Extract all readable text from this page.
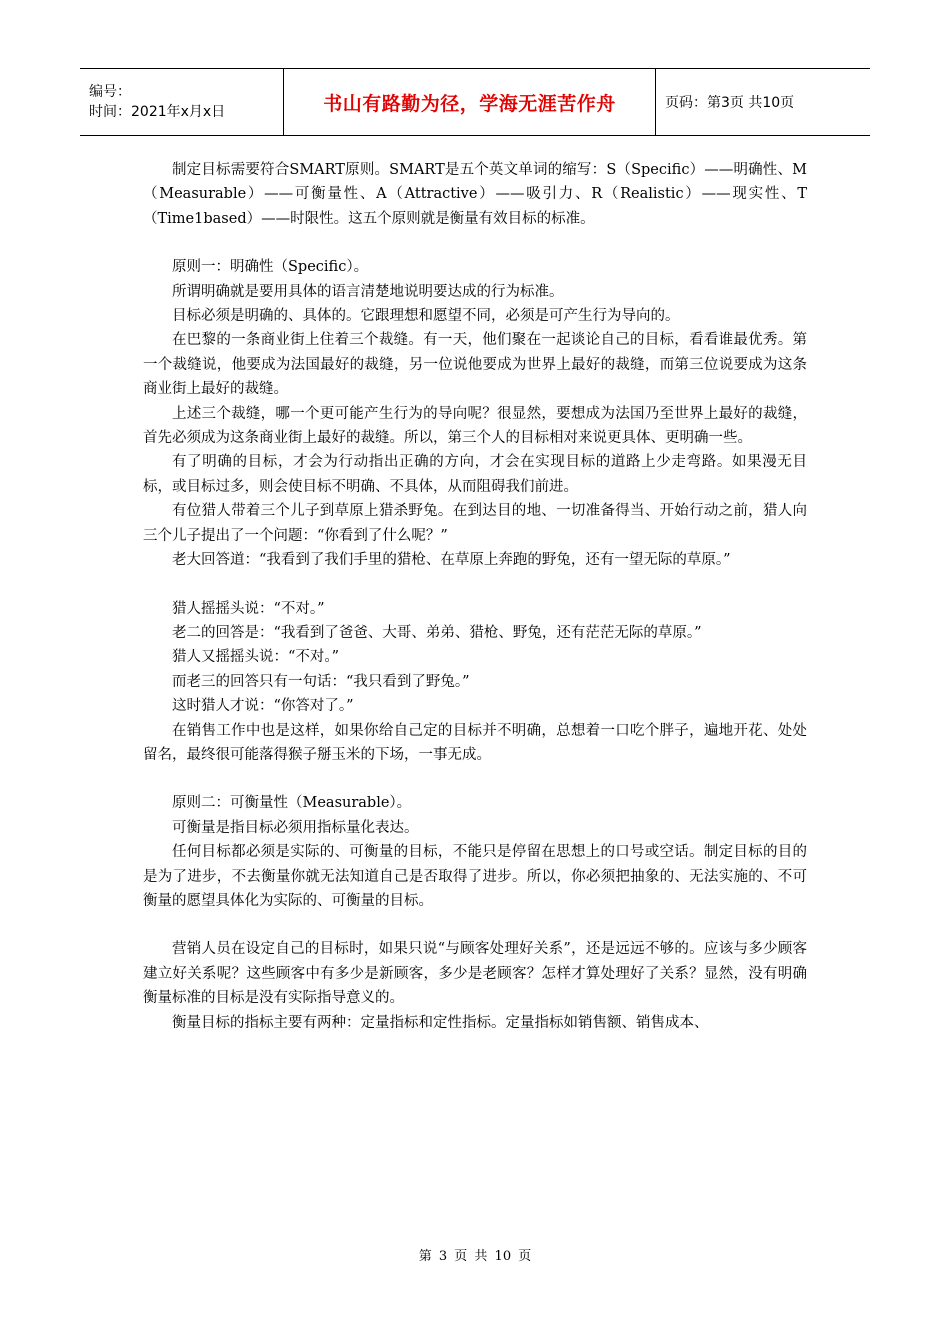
编号：
时间：2021年x月x日	书山有路勤为径，学海无涯苦作舟	页码：第3页 共10页

制定目标需要符合SMART原则。SMART是五个英文单词的缩写：S（Specific）——明确性、M（Measurable）——可衡量性、A（Attractive）——吸引力、R（Realistic）——现实性、T（Time1based）——时限性。这五个原则就是衡量有效目标的标准。

原则一：明确性（Specific）。

所谓明确就是要用具体的语言清楚地说明要达成的行为标准。

目标必须是明确的、具体的。它跟理想和愿望不同，必须是可产生行为导向的。

在巴黎的一条商业街上住着三个裁缝。有一天，他们聚在一起谈论自己的目标，看看谁最优秀。第一个裁缝说，他要成为法国最好的裁缝，另一位说他要成为世界上最好的裁缝，而第三位说要成为这条商业街上最好的裁缝。

上述三个裁缝，哪一个更可能产生行为的导向呢？很显然，要想成为法国乃至世界上最好的裁缝，首先必须成为这条商业街上最好的裁缝。所以，第三个人的目标相对来说更具体、更明确一些。

有了明确的目标，才会为行动指出正确的方向，才会在实现目标的道路上少走弯路。如果漫无目标，或目标过多，则会使目标不明确、不具体，从而阻碍我们前进。

有位猎人带着三个儿子到草原上猎杀野兔。在到达目的地、一切准备得当、开始行动之前，猎人向三个儿子提出了一个问题：“你看到了什么呢？”

老大回答道：“我看到了我们手里的猎枪、在草原上奔跑的野兔，还有一望无际的草原。”

猎人摇摇头说：“不对。”

老二的回答是：“我看到了爸爸、大哥、弟弟、猎枪、野兔，还有茫茫无际的草原。”

猎人又摇摇头说：“不对。”

而老三的回答只有一句话：“我只看到了野兔。”

这时猎人才说：“你答对了。”

在销售工作中也是这样，如果你给自己定的目标并不明确，总想着一口吃个胖子，遍地开花、处处留名，最终很可能落得猴子掰玉米的下场，一事无成。

原则二：可衡量性（Measurable）。

可衡量是指目标必须用指标量化表达。

任何目标都必须是实际的、可衡量的目标，不能只是停留在思想上的口号或空话。制定目标的目的是为了进步，不去衡量你就无法知道自己是否取得了进步。所以，你必须把抽象的、无法实施的、不可衡量的愿望具体化为实际的、可衡量的目标。

营销人员在设定自己的目标时，如果只说“与顾客处理好关系”，还是远远不够的。应该与多少顾客建立好关系呢？这些顾客中有多少是新顾客，多少是老顾客？怎样才算处理好了关系？显然，没有明确衡量标准的目标是没有实际指导意义的。

衡量目标的指标主要有两种：定量指标和定性指标。定量指标如销售额、销售成本、

第 3 页 共 10 页
